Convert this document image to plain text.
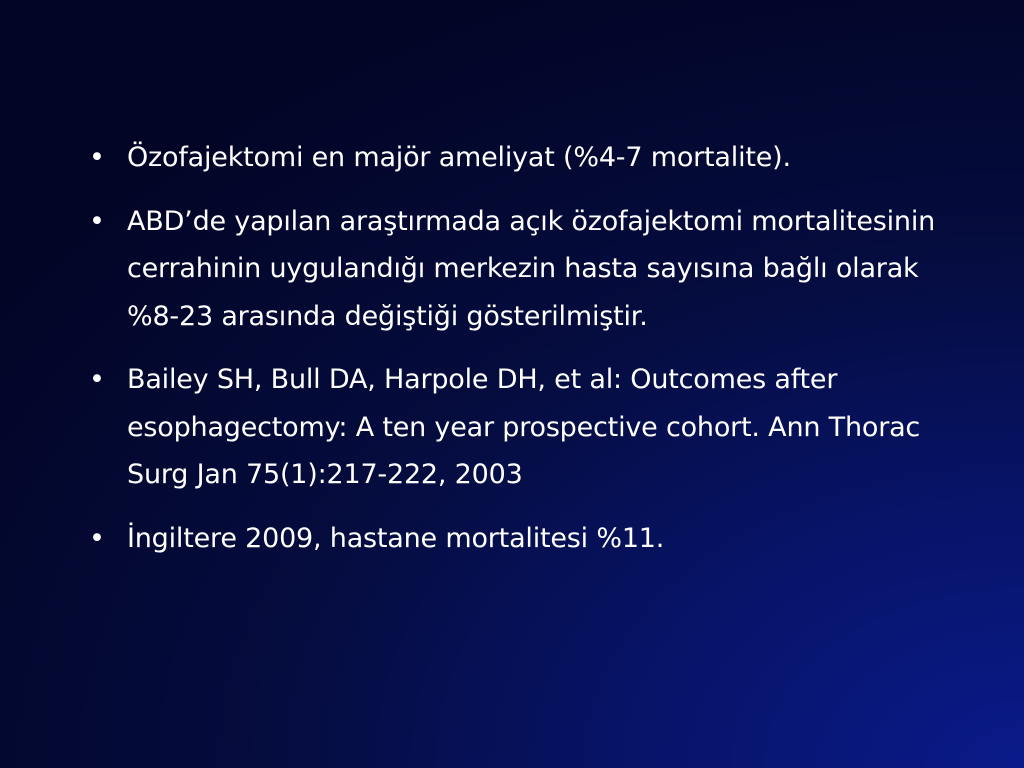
• Özofajektomi en majör ameliyat (%4-7 mortalite).
• ABD’de yapılan araştırmada açık özofajektomi mortalitesinin cerrahinin uygulandığı merkezin hasta sayısına bağlı olarak %8-23 arasında değiştiği gösterilmiştir.
• Bailey SH, Bull DA, Harpole DH, et al: Outcomes after esophagectomy: A ten year prospective cohort. Ann Thorac Surg Jan 75(1):217-222, 2003
• İngiltere 2009, hastane mortalitesi %11.
